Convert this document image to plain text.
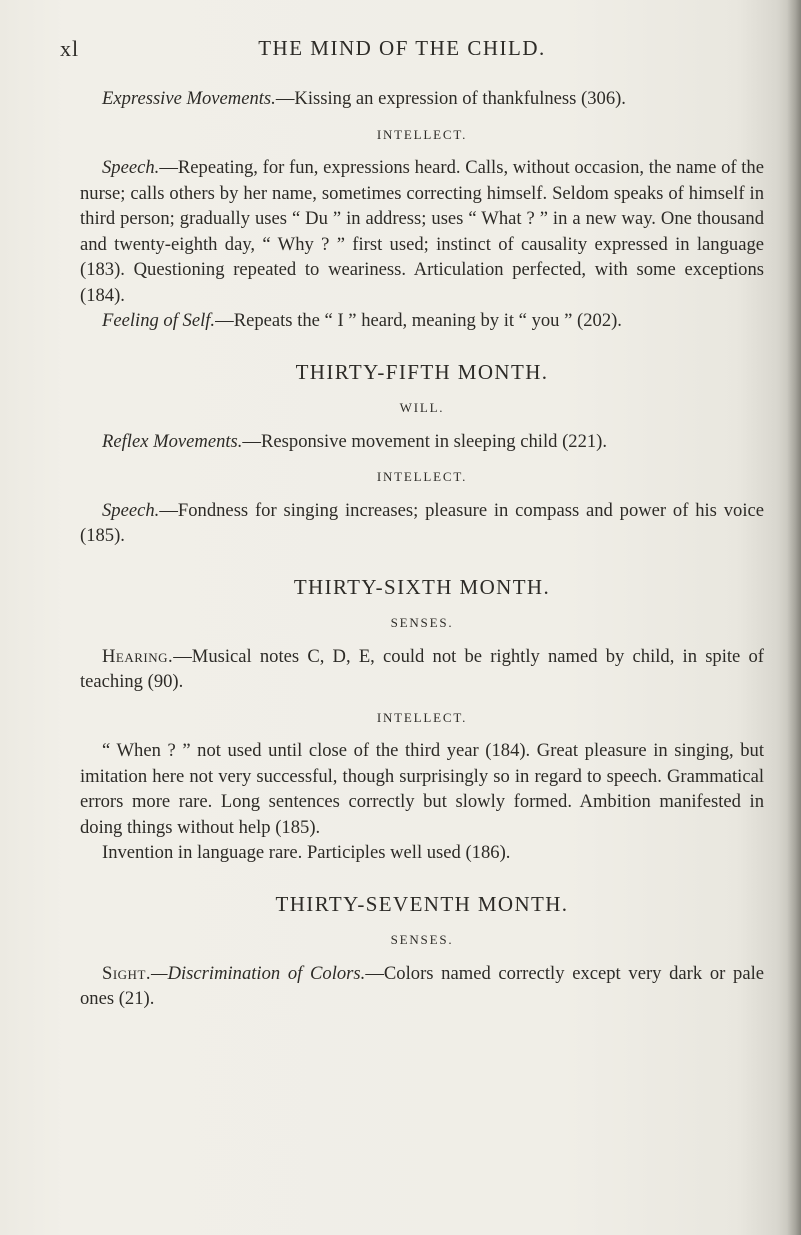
xl	THE MIND OF THE CHILD.

Expressive Movements.—Kissing an expression of thankfulness (306).

INTELLECT.

Speech.—Repeating, for fun, expressions heard. Calls, without occasion, the name of the nurse; calls others by her name, sometimes correcting himself. Seldom speaks of himself in third person; gradually uses “ Du ” in address; uses “ What ? ” in a new way. One thousand and twenty-eighth day, “ Why ? ” first used; instinct of causality expressed in language (183). Questioning repeated to weariness. Articulation perfected, with some exceptions (184).

Feeling of Self.—Repeats the “ I ” heard, meaning by it “ you ” (202).

THIRTY-FIFTH MONTH.
WILL.

Reflex Movements.—Responsive movement in sleeping child (221).

INTELLECT.

Speech.—Fondness for singing increases; pleasure in compass and power of his voice (185).

THIRTY-SIXTH MONTH.
SENSES.

Hearing.—Musical notes C, D, E, could not be rightly named by child, in spite of teaching (90).

INTELLECT.

“ When ? ” not used until close of the third year (184). Great pleasure in singing, but imitation here not very successful, though surprisingly so in regard to speech. Grammatical errors more rare. Long sentences correctly but slowly formed. Ambition manifested in doing things without help (185).

Invention in language rare. Participles well used (186).

THIRTY-SEVENTH MONTH.
SENSES.

Sight.—Discrimination of Colors.—Colors named correctly except very dark or pale ones (21).
